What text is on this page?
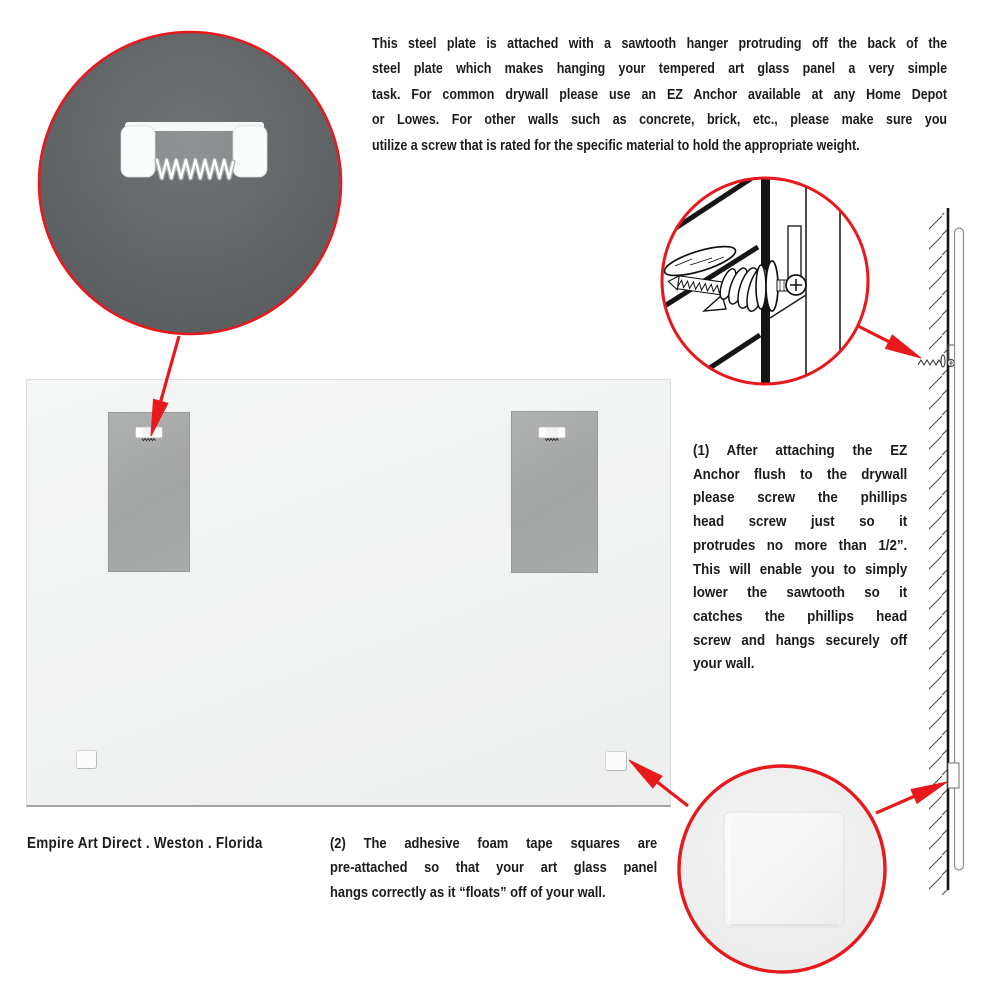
This steel plate is attached with a sawtooth hanger protruding off the back of the
steel plate which makes hanging your tempered art glass panel a very simple
task. For common drywall please use an EZ Anchor available at any Home Depot
or Lowes. For other walls such as concrete, brick, etc., please make sure you
utilize a screw that is rated for the specific material to hold the appropriate weight.
(1) After attaching the EZ
Anchor flush to the drywall
please screw the phillips
head screw just so it
protrudes no more than 1/2”.
This will enable you to simply
lower the sawtooth so it
catches the phillips head
screw and hangs securely off
your wall.
Empire Art Direct . Weston . Florida	(2) The adhesive foam tape squares are
pre-attached so that your art glass panel
hangs correctly as it “floats” off of your wall.
